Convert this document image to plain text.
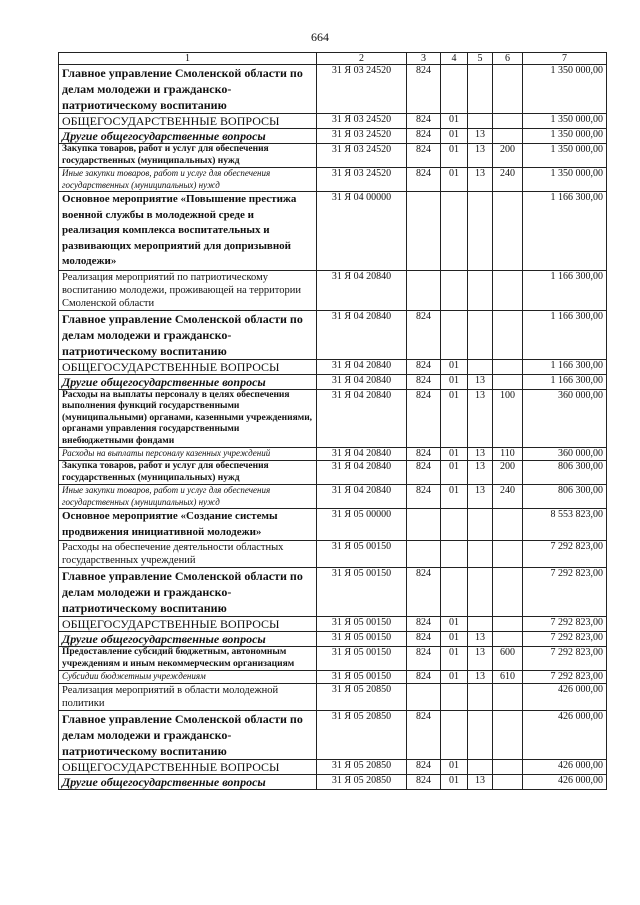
664
1	2	3	4	5	6	7
Главное управление Смоленской области по делам молодежи и гражданско-патриотическому воспитанию	31 Я 03 24520	824				1 350 000,00
ОБЩЕГОСУДАРСТВЕННЫЕ ВОПРОСЫ	31 Я 03 24520	824	01			1 350 000,00
Другие общегосударственные вопросы	31 Я 03 24520	824	01	13		1 350 000,00
Закупка товаров, работ и услуг для обеспечения государственных (муниципальных) нужд	31 Я 03 24520	824	01	13	200	1 350 000,00
Иные закупки товаров, работ и услуг для обеспечения государственных (муниципальных) нужд	31 Я 03 24520	824	01	13	240	1 350 000,00
Основное мероприятие «Повышение престижа военной службы в молодежной среде и реализация комплекса воспитательных и развивающих мероприятий для допризывной молодежи»	31 Я 04 00000					1 166 300,00
Реализация мероприятий по патриотическому воспитанию молодежи, проживающей на территории Смоленской области	31 Я 04 20840					1 166 300,00
Главное управление Смоленской области по делам молодежи и гражданско-патриотическому воспитанию	31 Я 04 20840	824				1 166 300,00
ОБЩЕГОСУДАРСТВЕННЫЕ ВОПРОСЫ	31 Я 04 20840	824	01			1 166 300,00
Другие общегосударственные вопросы	31 Я 04 20840	824	01	13		1 166 300,00
Расходы на выплаты персоналу в целях обеспечения выполнения функций государственными (муниципальными) органами, казенными учреждениями, органами управления государственными внебюджетными фондами	31 Я 04 20840	824	01	13	100	360 000,00
Расходы на выплаты персоналу казенных учреждений	31 Я 04 20840	824	01	13	110	360 000,00
Закупка товаров, работ и услуг для обеспечения государственных (муниципальных) нужд	31 Я 04 20840	824	01	13	200	806 300,00
Иные закупки товаров, работ и услуг для обеспечения государственных (муниципальных) нужд	31 Я 04 20840	824	01	13	240	806 300,00
Основное мероприятие «Создание системы продвижения инициативной молодежи»	31 Я 05 00000					8 553 823,00
Расходы на обеспечение деятельности областных государственных учреждений	31 Я 05 00150					7 292 823,00
Главное управление Смоленской области по делам молодежи и гражданско-патриотическому воспитанию	31 Я 05 00150	824				7 292 823,00
ОБЩЕГОСУДАРСТВЕННЫЕ ВОПРОСЫ	31 Я 05 00150	824	01			7 292 823,00
Другие общегосударственные вопросы	31 Я 05 00150	824	01	13		7 292 823,00
Предоставление субсидий бюджетным, автономным учреждениям и иным некоммерческим организациям	31 Я 05 00150	824	01	13	600	7 292 823,00
Субсидии бюджетным учреждениям	31 Я 05 00150	824	01	13	610	7 292 823,00
Реализация мероприятий в области молодежной политики	31 Я 05 20850					426 000,00
Главное управление Смоленской области по делам молодежи и гражданско-патриотическому воспитанию	31 Я 05 20850	824				426 000,00
ОБЩЕГОСУДАРСТВЕННЫЕ ВОПРОСЫ	31 Я 05 20850	824	01			426 000,00
Другие общегосударственные вопросы	31 Я 05 20850	824	01	13		426 000,00
